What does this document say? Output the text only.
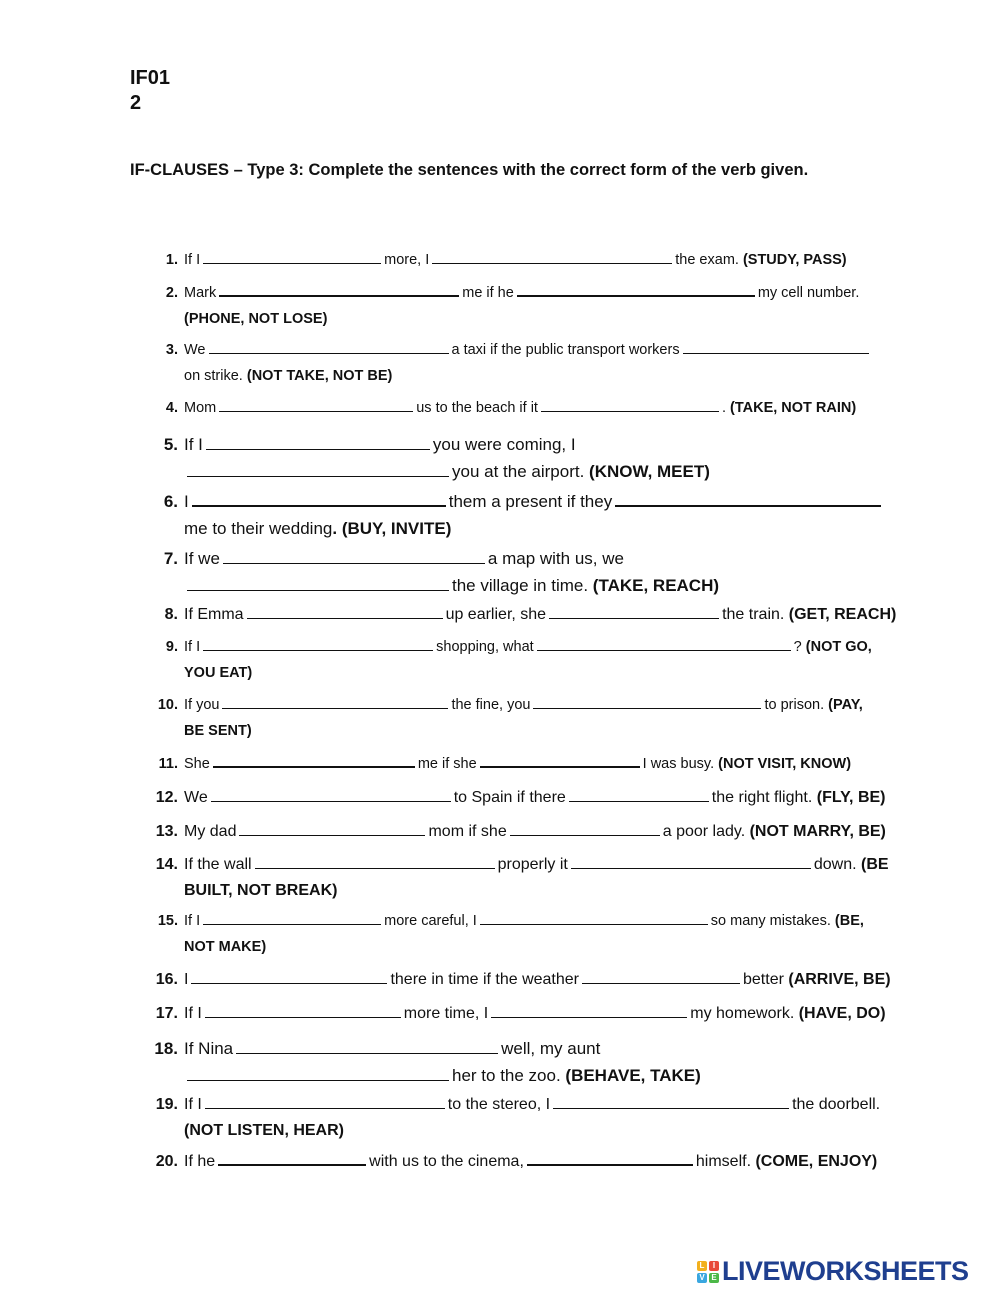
IF01
2
IF-CLAUSES – Type 3: Complete the sentences with the correct form of the verb given.
1. If I	more, I	the exam. (STUDY, PASS)
2. Mark	me if he	my cell number.
(PHONE, NOT LOSE)
3. We	a taxi if the public transport workers
on strike. (NOT TAKE, NOT BE)
4. Mom	us to the beach if it	. (TAKE, NOT RAIN)
5. If I	you were coming, I
you at the airport. (KNOW, MEET)
6. I	them a present if they
me to their wedding. (BUY, INVITE)
7. If we	a map with us, we
the village in time. (TAKE, REACH)
8. If Emma	up earlier, she	the train. (GET, REACH)
9. If I	shopping, what	? (NOT GO,
YOU EAT)
10. If you	the fine, you	to prison. (PAY,
BE SENT)
11. She	me if she	I was busy. (NOT VISIT, KNOW)
12. We	to Spain if there	the right flight. (FLY, BE)
13. My dad	mom if she	a poor lady. (NOT MARRY, BE)
14. If the wall	properly it	down. (BE
BUILT, NOT BREAK)
15. If I	more careful, I	so many mistakes. (BE,
NOT MAKE)
16. I	there in time if the weather	better (ARRIVE, BE)
17. If I	more time, I	my homework. (HAVE, DO)
18. If Nina	well, my aunt
her to the zoo. (BEHAVE, TAKE)
19. If I	to the stereo, I	the doorbell.
(NOT LISTEN, HEAR)
20. If he	with us to the cinema,	himself. (COME, ENJOY)
L	I
V E LIVEWORKSHEETS
